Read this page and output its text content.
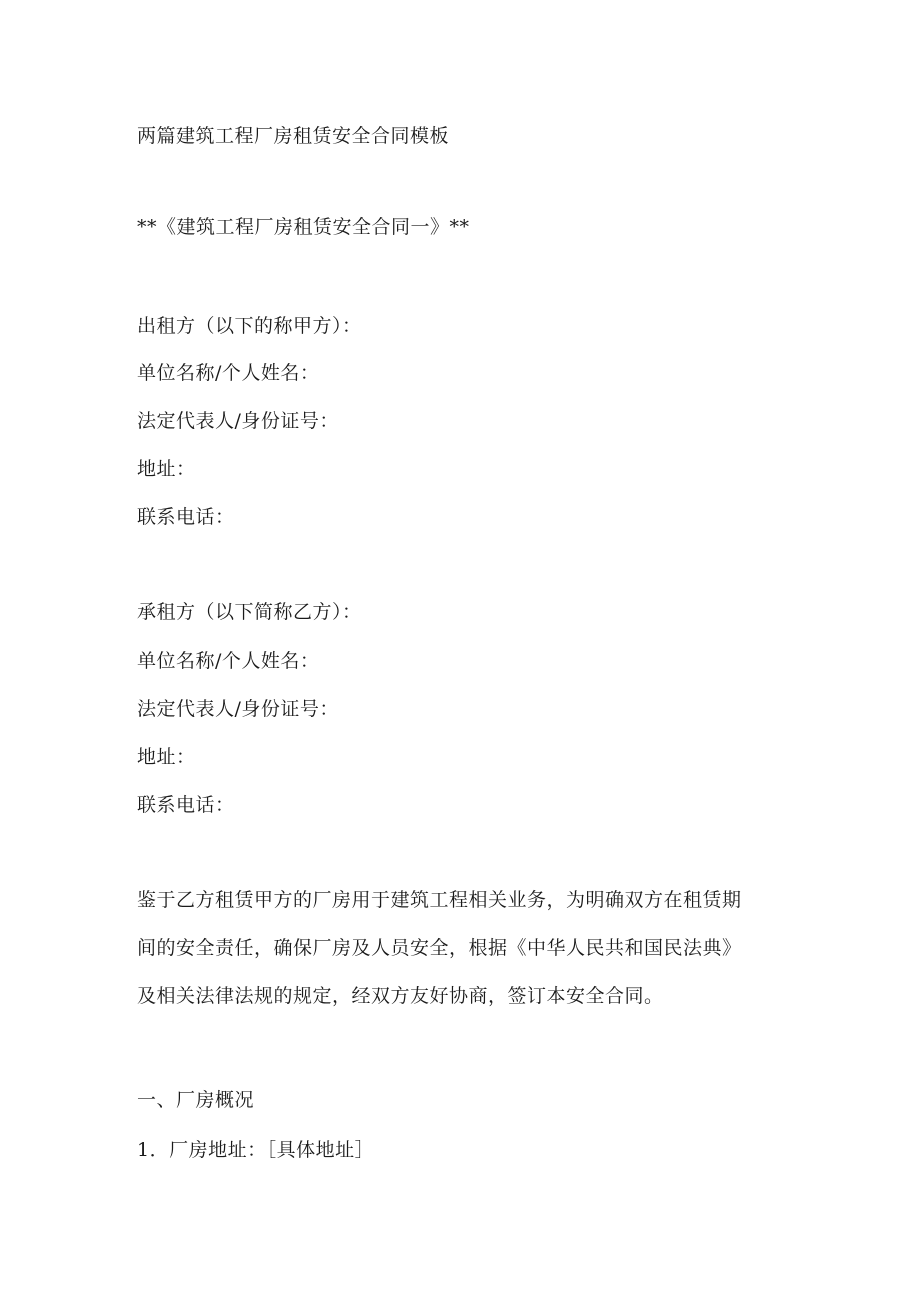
两篇建筑工程厂房租赁安全合同模板
**《建筑工程厂房租赁安全合同一》**
出租方（以下的称甲方）：
单位名称/个人姓名：
法定代表人/身份证号：
地址：
联系电话：
承租方（以下简称乙方）：
单位名称/个人姓名：
法定代表人/身份证号：
地址：
联系电话：
鉴于乙方租赁甲方的厂房用于建筑工程相关业务，为明确双方在租赁期
间的安全责任，确保厂房及人员安全，根据《中华人民共和国民法典》
及相关法律法规的规定，经双方友好协商，签订本安全合同。
一、厂房概况
1．厂房地址：［具体地址］
